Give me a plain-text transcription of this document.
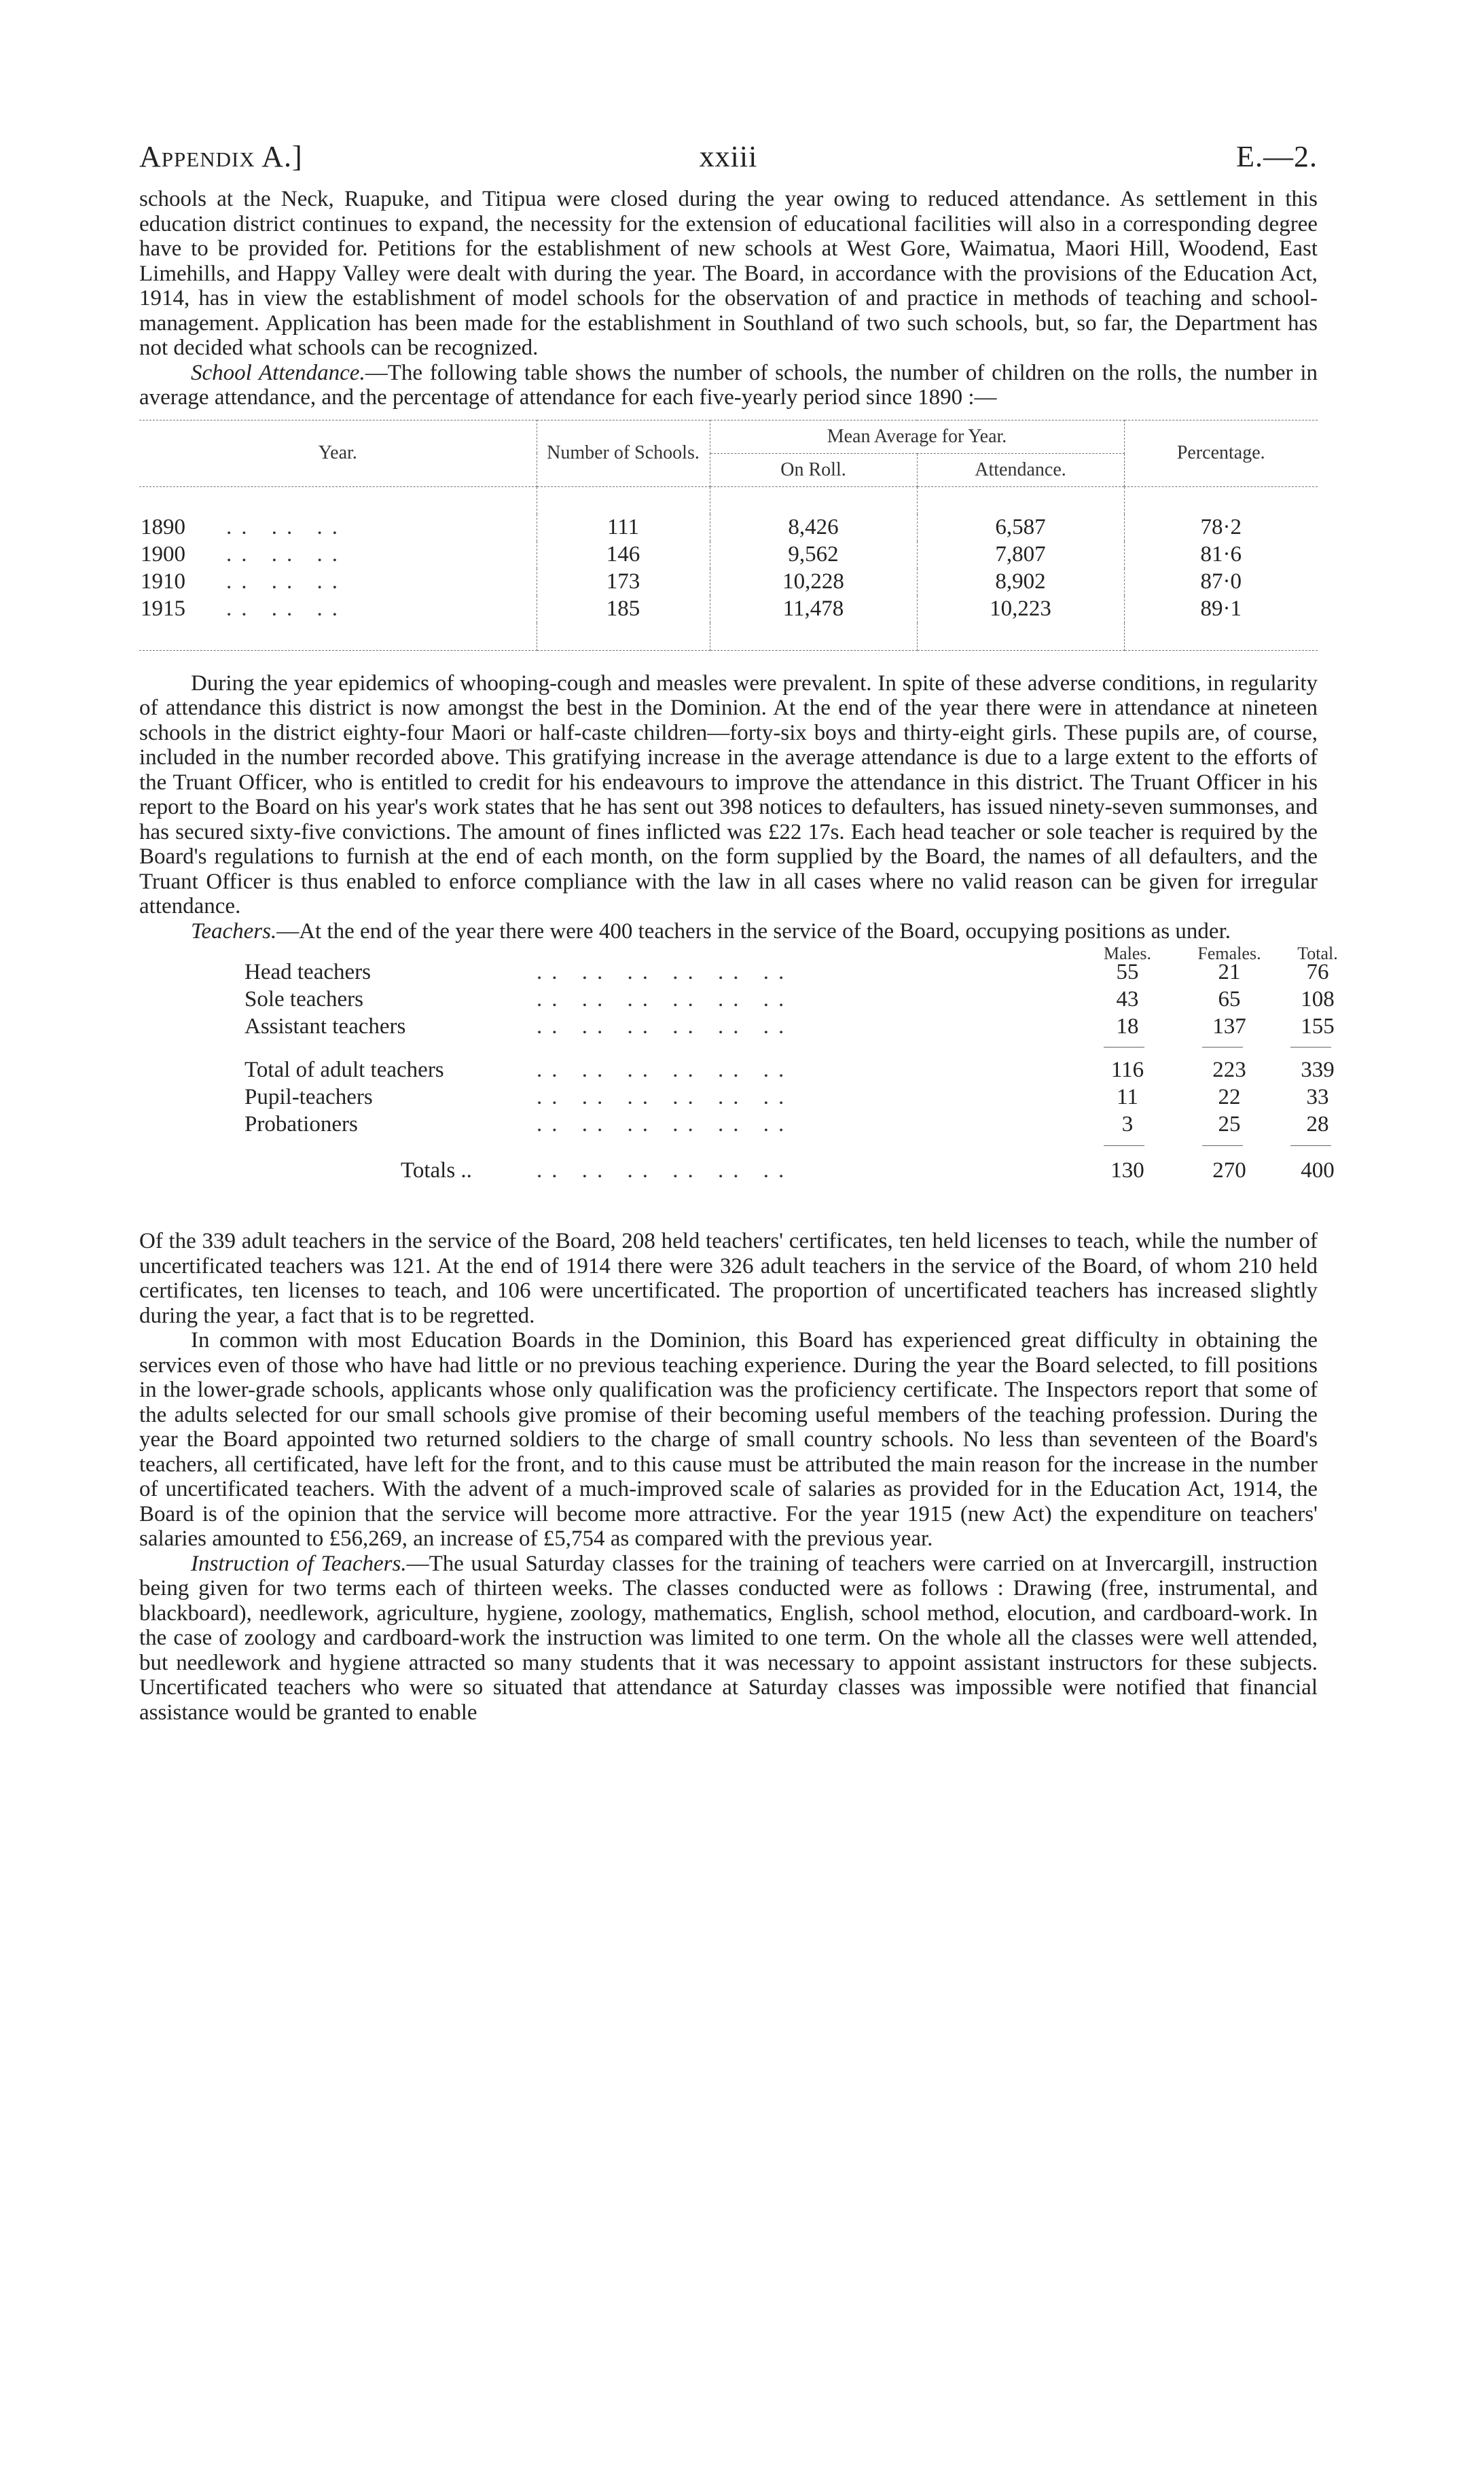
Appendix A.]	xxiii	E.—2.

schools at the Neck, Ruapuke, and Titipua were closed during the year owing to reduced attendance. As settlement in this education district continues to expand, the necessity for the extension of educational facilities will also in a corresponding degree have to be provided for. Petitions for the establishment of new schools at West Gore, Waimatua, Maori Hill, Woodend, East Limehills, and Happy Valley were dealt with during the year. The Board, in accordance with the provisions of the Education Act, 1914, has in view the establishment of model schools for the observation of and practice in methods of teaching and school-management. Application has been made for the establishment in Southland of two such schools, but, so far, the Department has not decided what schools can be recognized.

School Attendance.—The following table shows the number of schools, the number of children on the rolls, the number in average attendance, and the percentage of attendance for each five-yearly period since 1890 :—

Year.	Number of Schools.	Mean Average for Year.		Percentage.
		On Roll.	Attendance.	

1890 .. .. ..	111	8,426	6,587	78·2
1900 .. .. ..	146	9,562	7,807	81·6
1910 .. .. ..	173	10,228	8,902	87·0
1915 .. .. ..	185	11,478	10,223	89·1

During the year epidemics of whooping-cough and measles were prevalent. In spite of these adverse conditions, in regularity of attendance this district is now amongst the best in the Dominion. At the end of the year there were in attendance at nineteen schools in the district eighty-four Maori or half-caste children—forty-six boys and thirty-eight girls. These pupils are, of course, included in the number recorded above. This gratifying increase in the average attendance is due to a large extent to the efforts of the Truant Officer, who is entitled to credit for his endeavours to improve the attendance in this district. The Truant Officer in his report to the Board on his year's work states that he has sent out 398 notices to defaulters, has issued ninety-seven summonses, and has secured sixty-five convictions. The amount of fines inflicted was £22 17s. Each head teacher or sole teacher is required by the Board's regulations to furnish at the end of each month, on the form supplied by the Board, the names of all defaulters, and the Truant Officer is thus enabled to enforce compliance with the law in all cases where no valid reason can be given for irregular attendance.

Teachers.—At the end of the year there were 400 teachers in the service of the Board, occupying positions as under.

Males.	Females.	Total.
Head teachers	.. .. .. .. .. ..	55	21	76
Sole teachers	.. .. .. .. .. ..	43	65	108
Assistant teachers	.. .. .. .. .. ..	18	137	155
Total of adult teachers	.. .. .. .. .. ..	116	223	339
Pupil-teachers	.. .. .. .. .. ..	11	22	33
Probationers	.. .. .. .. .. ..	3	25	28
Totals ..	.. .. .. .. .. ..	130	270	400

Of the 339 adult teachers in the service of the Board, 208 held teachers' certificates, ten held licenses to teach, while the number of uncertificated teachers was 121. At the end of 1914 there were 326 adult teachers in the service of the Board, of whom 210 held certificates, ten licenses to teach, and 106 were uncertificated. The proportion of uncertificated teachers has increased slightly during the year, a fact that is to be regretted.

In common with most Education Boards in the Dominion, this Board has experienced great difficulty in obtaining the services even of those who have had little or no previous teaching experience. During the year the Board selected, to fill positions in the lower-grade schools, applicants whose only qualification was the proficiency certificate. The Inspectors report that some of the adults selected for our small schools give promise of their becoming useful members of the teaching profession. During the year the Board appointed two returned soldiers to the charge of small country schools. No less than seventeen of the Board's teachers, all certificated, have left for the front, and to this cause must be attributed the main reason for the increase in the number of uncertificated teachers. With the advent of a much-improved scale of salaries as provided for in the Education Act, 1914, the Board is of the opinion that the service will become more attractive. For the year 1915 (new Act) the expenditure on teachers' salaries amounted to £56,269, an increase of £5,754 as compared with the previous year.

Instruction of Teachers.—The usual Saturday classes for the training of teachers were carried on at Invercargill, instruction being given for two terms each of thirteen weeks. The classes conducted were as follows : Drawing (free, instrumental, and blackboard), needlework, agriculture, hygiene, zoology, mathematics, English, school method, elocution, and cardboard-work. In the case of zoology and cardboard-work the instruction was limited to one term. On the whole all the classes were well attended, but needlework and hygiene attracted so many students that it was necessary to appoint assistant instructors for these subjects. Uncertificated teachers who were so situated that attendance at Saturday classes was impossible were notified that financial assistance would be granted to enable
